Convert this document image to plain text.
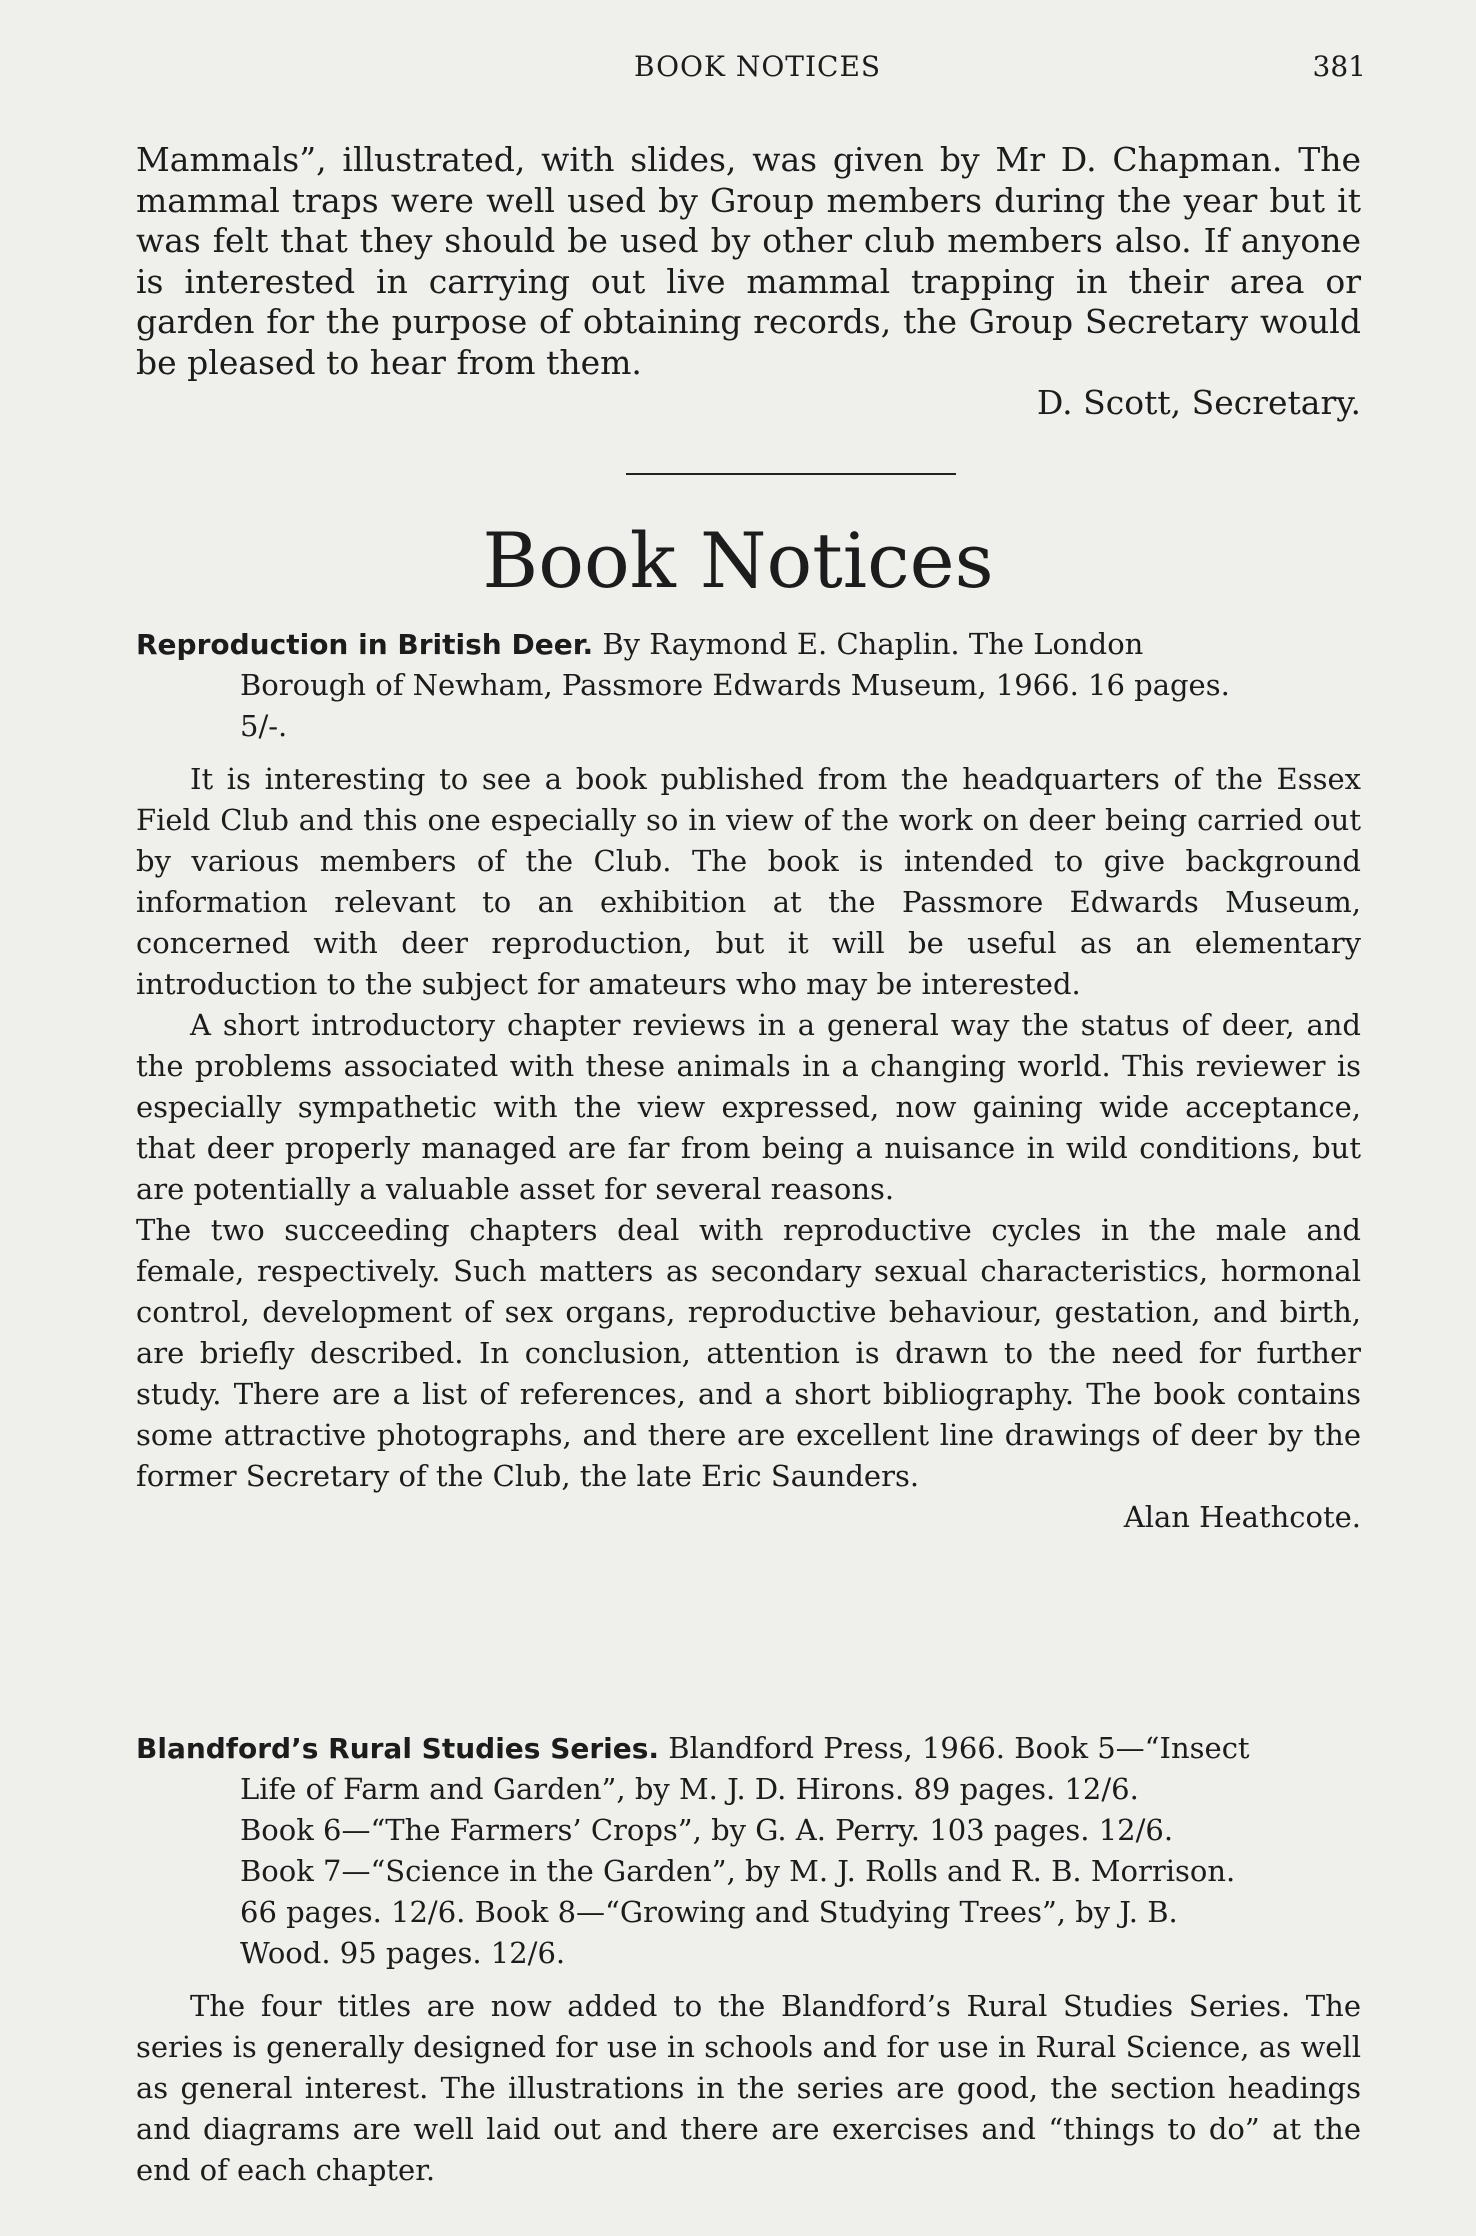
BOOK NOTICES	381

Mammals”, illustrated, with slides, was given by Mr D. Chapman. The mammal traps were well used by Group members during the year but it was felt that they should be used by other club members also. If anyone is interested in carrying out live mammal trapping in their area or garden for the purpose of obtaining records, the Group Secretary would be pleased to hear from them.

D. Scott, Secretary.

Book Notices
Reproduction in British Deer. By Raymond E. Chaplin. The London
Borough of Newham, Passmore Edwards Museum, 1966. 16 pages.
5/-.

It is interesting to see a book published from the headquarters of the Essex Field Club and this one especially so in view of the work on deer being carried out by various members of the Club. The book is intended to give background information relevant to an exhibition at the Passmore Edwards Museum, concerned with deer reproduction, but it will be useful as an elementary introduction to the subject for amateurs who may be interested.

A short introductory chapter reviews in a general way the status of deer, and the problems associated with these animals in a changing world. This reviewer is especially sympathetic with the view expressed, now gaining wide acceptance, that deer properly managed are far from being a nuisance in wild conditions, but are potentially a valuable asset for several reasons.

The two succeeding chapters deal with reproductive cycles in the male and female, respectively. Such matters as secondary sexual characteristics, hormonal control, development of sex organs, reproductive behaviour, gestation, and birth, are briefly described. In conclusion, attention is drawn to the need for further study. There are a list of references, and a short bibliography. The book contains some attractive photographs, and there are excellent line drawings of deer by the former Secretary of the Club, the late Eric Saunders.

Alan Heathcote.

Blandford’s Rural Studies Series. Blandford Press, 1966. Book 5—“Insect
Life of Farm and Garden”, by M. J. D. Hirons. 89 pages. 12/6.
Book 6—“The Farmers’ Crops”, by G. A. Perry. 103 pages. 12/6.
Book 7—“Science in the Garden”, by M. J. Rolls and R. B. Morrison.
66 pages. 12/6. Book 8—“Growing and Studying Trees”, by J. B.
Wood. 95 pages. 12/6.

The four titles are now added to the Blandford’s Rural Studies Series. The series is generally designed for use in schools and for use in Rural Science, as well as general interest. The illustrations in the series are good, the section headings and diagrams are well laid out and there are exercises and “things to do” at the end of each chapter.
